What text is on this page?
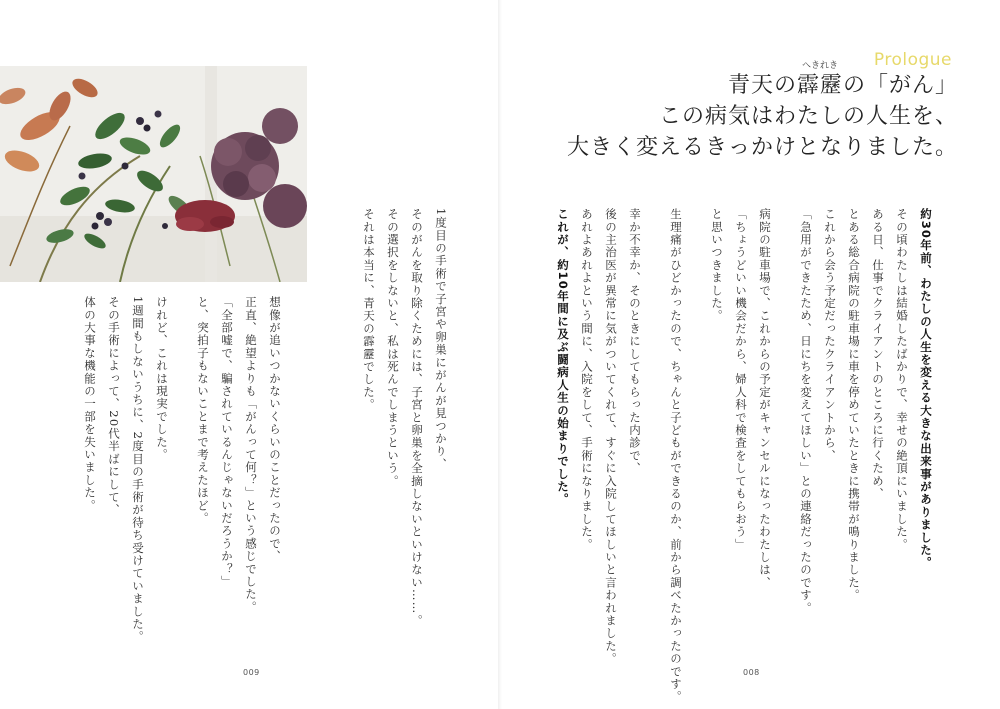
Prologue
青天の
へきれき
霹靂の「がん」
この病気はわたしの人生を、
大きく変えるきっかけとなりました。
約30年前、わたしの人生を変える大きな出来事がありました。
その頃わたしは結婚したばかりで、幸せの絶頂にいました。
ある日、仕事でクライアントのところに行くため、
とある総合病院の駐車場に車を停めていたときに携帯が鳴りました。
これから会う予定だったクライアントから、
「急用ができたため、日にちを変えてほしい」との連絡だったのです。
病院の駐車場で、これからの予定がキャンセルになったわたしは、
「ちょうどいい機会だから、婦人科で検査をしてもらおう」
と思いつきました。
生理痛がひどかったので、ちゃんと子どもができるのか、前から調べたかったのです。
幸か不幸か、そのときにしてもらった内診で、
後の主治医が異常に気がついてくれて、すぐに入院してほしいと言われました。
あれよあれよという間に、入院をして、手術になりました。
これが、約10年間に及ぶ闘病人生の始まりでした。
1度目の手術で子宮や卵巣にがんが見つかり、
そのがんを取り除くためには、子宮と卵巣を全摘しないといけない……。
その選択をしないと、私は死んでしまうという。
それは本当に、青天の霹靂でした。
想像が追いつかないくらいのことだったので、
正直、絶望よりも「がんって何？」という感じでした。
「全部嘘で、騙されているんじゃないだろうか？」
と、突拍子もないことまで考えたほど。
けれど、これは現実でした。
1週間もしないうちに、2度目の手術が待ち受けていました。
その手術によって、20代半ばにして、
体の大事な機能の一部を失いました。
009	008
